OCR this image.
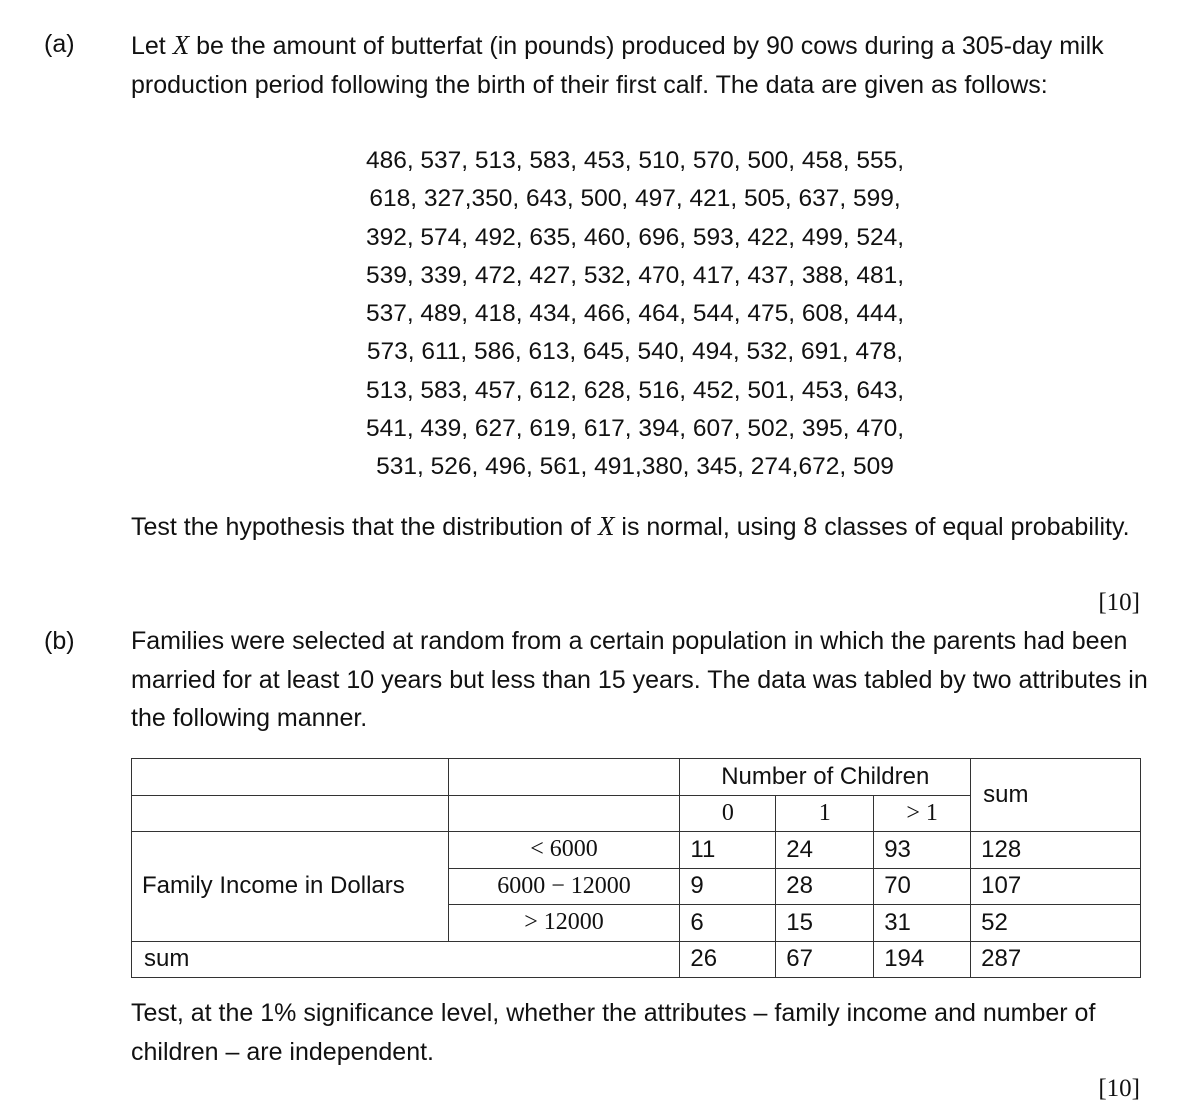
(a) Let X be the amount of butterfat (in pounds) produced by 90 cows during a 305-day milk production period following the birth of their first calf. The data are given as follows:
486, 537, 513, 583, 453, 510, 570, 500, 458, 555,
618, 327,350, 643, 500, 497, 421, 505, 637, 599,
392, 574, 492, 635, 460, 696, 593, 422, 499, 524,
539, 339, 472, 427, 532, 470, 417, 437, 388, 481,
537, 489, 418, 434, 466, 464, 544, 475, 608, 444,
573, 611, 586, 613, 645, 540, 494, 532, 691, 478,
513, 583, 457, 612, 628, 516, 452, 501, 453, 643,
541, 439, 627, 619, 617, 394, 607, 502, 395, 470,
531, 526, 496, 561, 491,380, 345, 274,672, 509
Test the hypothesis that the distribution of X is normal, using 8 classes of equal probability.
[10]
(b) Families were selected at random from a certain population in which the parents had been married for at least 10 years but less than 15 years. The data was tabled by two attributes in the following manner.
		Number of Children			sum
		0	1	> 1	
	< 6000	11	24	93	128
Family Income in Dollars	6000 − 12000	9	28	70	107
	> 12000	6	15	31	52
sum		26	67	194	287
Test, at the 1% significance level, whether the attributes – family income and number of children – are independent.
[10]
